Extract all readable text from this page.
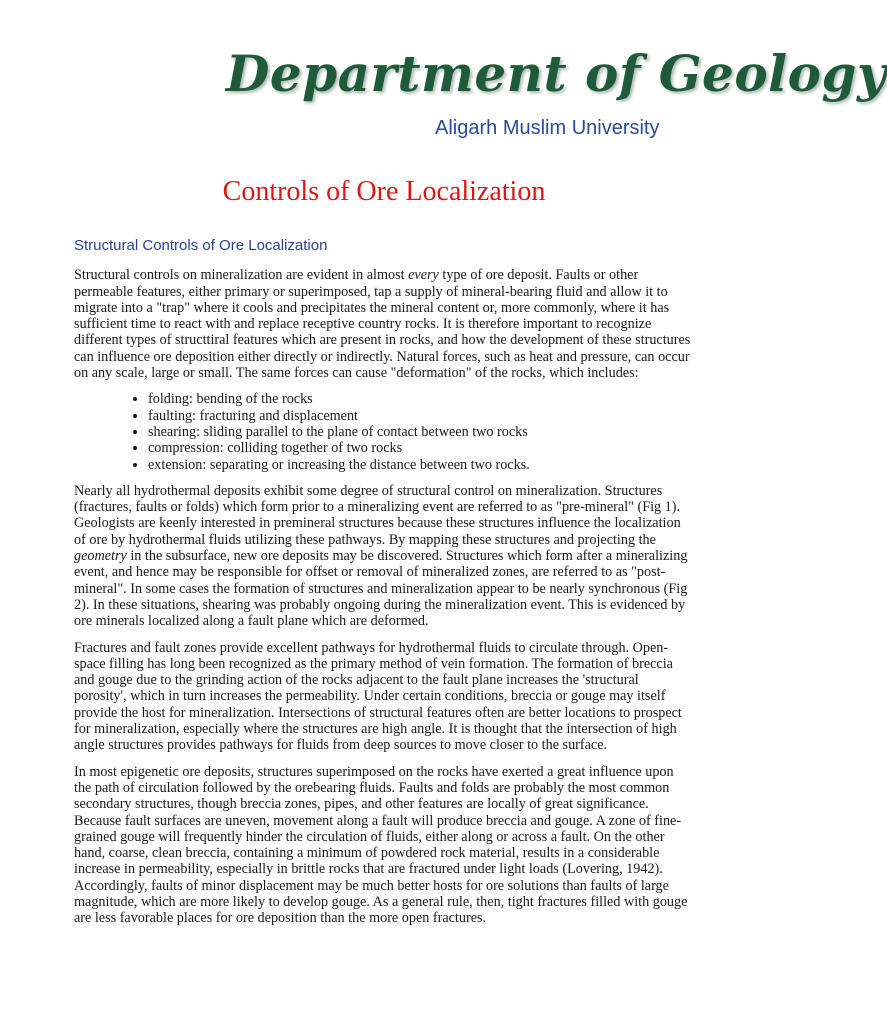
Department of Geology
Aligarh Muslim University
Controls of Ore Localization
Structural Controls of Ore Localization

Structural controls on mineralization are evident in almost every type of ore deposit. Faults or other permeable features, either primary or superimposed, tap a supply of mineral-bearing fluid and allow it to migrate into a "trap" where it cools and precipitates the mineral content or, more commonly, where it has sufficient time to react with and replace receptive country rocks. It is therefore important to recognize different types of structtiral features which are present in rocks, and how the development of these structures can influence ore deposition either directly or indirectly. Natural forces, such as heat and pressure, can occur on any scale, large or small. The same forces can cause "deformation" of the rocks, which includes:

• folding: bending of the rocks
• faulting: fracturing and displacement
• shearing: sliding parallel to the plane of contact between two rocks
• compression: colliding together of two rocks
• extension: separating or increasing the distance between two rocks.

Nearly all hydrothermal deposits exhibit some degree of structural control on mineralization. Structures (fractures, faults or folds) which form prior to a mineralizing event are referred to as "pre-mineral" (Fig 1). Geologists are keenly interested in premineral structures because these structures influence the localization of ore by hydrothermal fluids utilizing these pathways. By mapping these structures and projecting the geometry in the subsurface, new ore deposits may be discovered. Structures which form after a mineralizing event, and hence may be responsible for offset or removal of mineralized zones, are referred to as "post-mineral". In some cases the formation of structures and mineralization appear to be nearly synchronous (Fig 2). In these situations, shearing was probably ongoing during the mineralization event. This is evidenced by ore minerals localized along a fault plane which are deformed.

Fractures and fault zones provide excellent pathways for hydrothermal fluids to circulate through. Open-space filling has long been recognized as the primary method of vein formation. The formation of breccia and gouge due to the grinding action of the rocks adjacent to the fault plane increases the 'structural porosity', which in turn increases the permeability. Under certain conditions, breccia or gouge may itself provide the host for mineralization. Intersections of structural features often are better locations to prospect for mineralization, especially where the structures are high angle. It is thought that the intersection of high angle structures provides pathways for fluids from deep sources to move closer to the surface.

In most epigenetic ore deposits, structures superimposed on the rocks have exerted a great influence upon the path of circulation followed by the orebearing fluids. Faults and folds are probably the most common secondary structures, though breccia zones, pipes, and other features are locally of great significance. Because fault surfaces are uneven, movement along a fault will produce breccia and gouge. A zone of fine-grained gouge will frequently hinder the circulation of fluids, either along or across a fault. On the other hand, coarse, clean breccia, containing a minimum of powdered rock material, results in a considerable increase in permeability, especially in brittle rocks that are fractured under light loads (Lovering, 1942). Accordingly, faults of minor displacement may be much better hosts for ore solutions than faults of large magnitude, which are more likely to develop gouge. As a general rule, then, tight fractures filled with gouge are less favorable places for ore deposition than the more open fractures.
